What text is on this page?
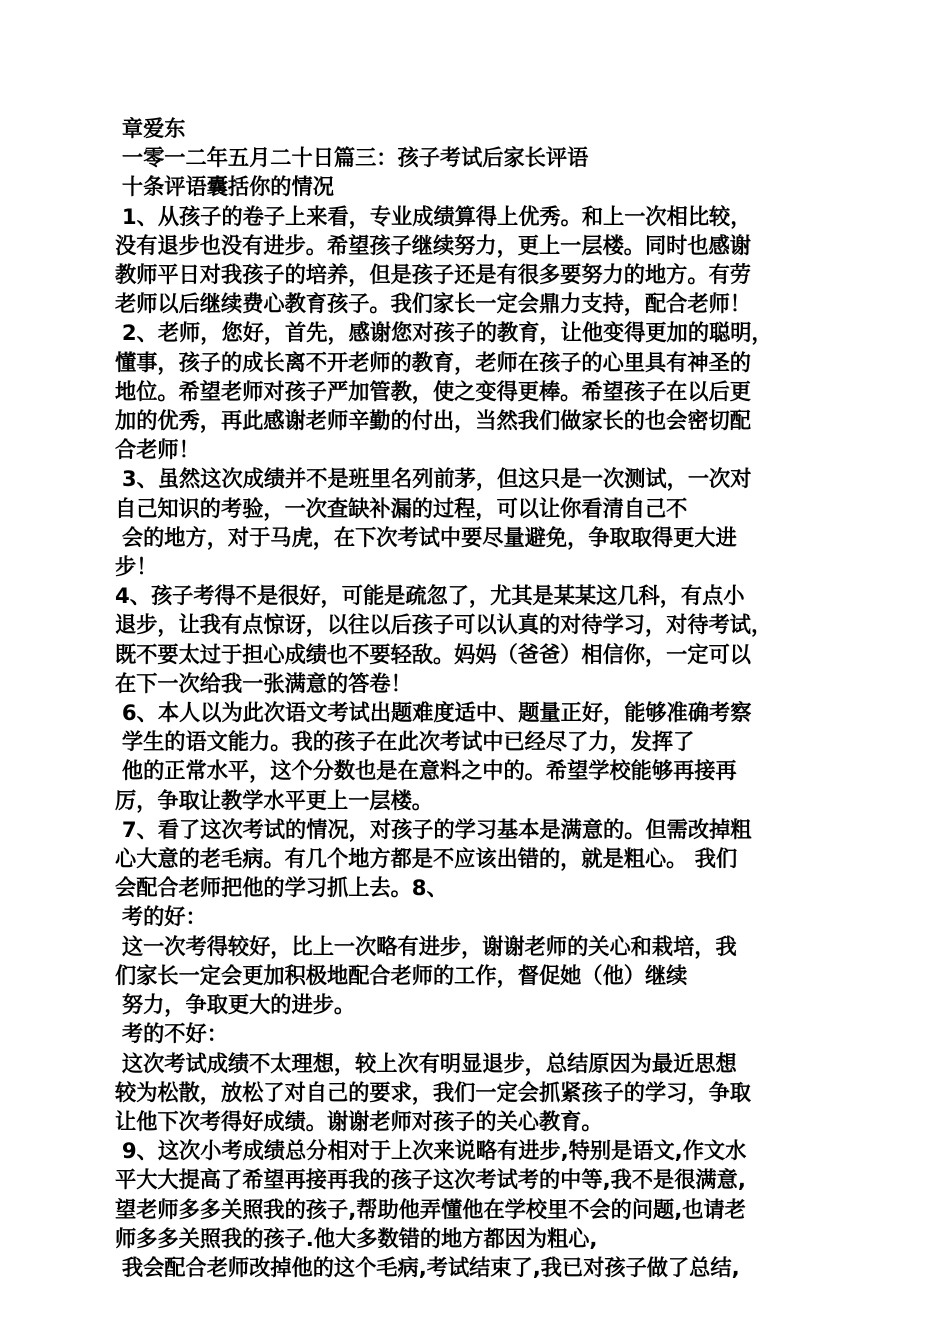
章爱东
一零一二年五月二十日篇三：孩子考试后家长评语
十条评语囊括你的情况
1、从孩子的卷子上来看，专业成绩算得上优秀。和上一次相比较，
没有退步也没有进步。希望孩子继续努力，更上一层楼。同时也感谢
教师平日对我孩子的培养，但是孩子还是有很多要努力的地方。有劳
老师以后继续费心教育孩子。我们家长一定会鼎力支持，配合老师！
2、老师，您好，首先，感谢您对孩子的教育，让他变得更加的聪明，
懂事，孩子的成长离不开老师的教育，老师在孩子的心里具有神圣的
地位。希望老师对孩子严加管教，使之变得更棒。希望孩子在以后更
加的优秀，再此感谢老师辛勤的付出，当然我们做家长的也会密切配
合老师！
3、虽然这次成绩并不是班里名列前茅，但这只是一次测试，一次对
自己知识的考验，一次查缺补漏的过程，可以让你看清自己不
会的地方，对于马虎，在下次考试中要尽量避免，争取取得更大进
步！
4、孩子考得不是很好，可能是疏忽了，尤其是某某这几科，有点小
退步，让我有点惊讶，以往以后孩子可以认真的对待学习，对待考试，
既不要太过于担心成绩也不要轻敌。妈妈（爸爸）相信你，一定可以
在下一次给我一张满意的答卷！
6、本人以为此次语文考试出题难度适中、题量正好，能够准确考察
学生的语文能力。我的孩子在此次考试中已经尽了力，发挥了
他的正常水平，这个分数也是在意料之中的。希望学校能够再接再
厉，争取让教学水平更上一层楼。
7、看了这次考试的情况，对孩子的学习基本是满意的。但需改掉粗
心大意的老毛病。有几个地方都是不应该出错的，就是粗心。 我们
会配合老师把他的学习抓上去。8、
考的好：
这一次考得较好，比上一次略有进步，谢谢老师的关心和栽培，我
们家长一定会更加积极地配合老师的工作，督促她（他）继续
努力，争取更大的进步。
考的不好：
这次考试成绩不太理想，较上次有明显退步，总结原因为最近思想
较为松散，放松了对自己的要求，我们一定会抓紧孩子的学习，争取
让他下次考得好成绩。谢谢老师对孩子的关心教育。
9、这次小考成绩总分相对于上次来说略有进步,特别是语文,作文水
平大大提高了希望再接再我的孩子这次考试考的中等,我不是很满意,
望老师多多关照我的孩子,帮助他弄懂他在学校里不会的问题,也请老
师多多关照我的孩子.他大多数错的地方都因为粗心,
我会配合老师改掉他的这个毛病,考试结束了,我已对孩子做了总结,
